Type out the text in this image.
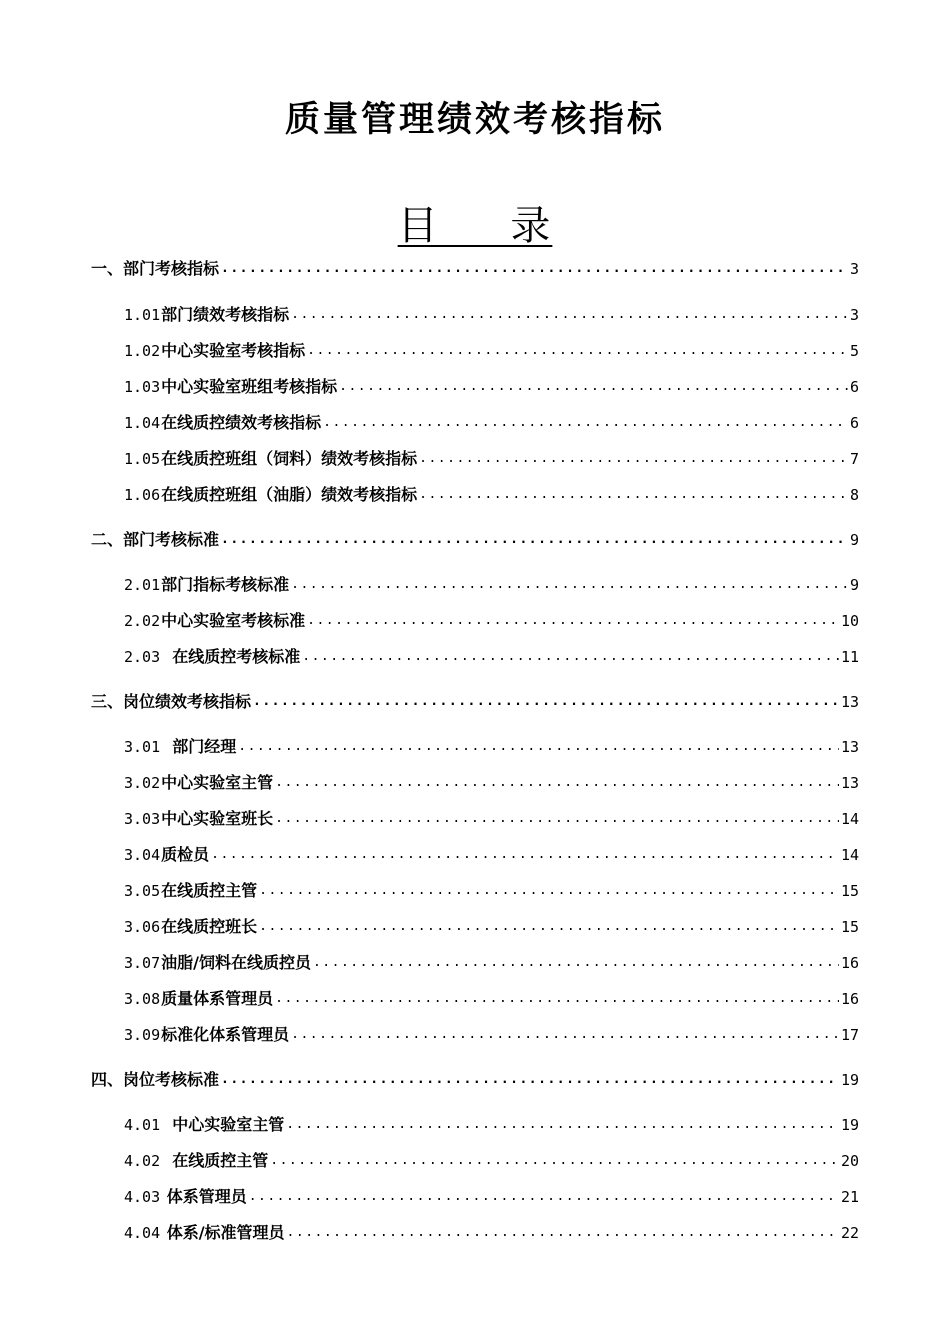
质量管理绩效考核指标
目 录
一、部门考核指标 .....	3
1.01 部门绩效考核指标 .....	3
1.02 中心实验室考核指标 .....	5
1.03 中心实验室班组考核指标 .....	6
1.04 在线质控绩效考核指标 .....	6
1.05 在线质控班组（饲料）绩效考核指标 .....	7
1.06 在线质控班组（油脂）绩效考核指标 .....	8
二、部门考核标准 .....	9
2.01 部门指标考核标准 .....	9
2.02 中心实验室考核标准 .....	10
2.03 在线质控考核标准 .....	11
三、岗位绩效考核指标 .....	13
3.01 部门经理 .....	13
3.02 中心实验室主管 .....	13
3.03 中心实验室班长 .....	14
3.04 质检员 .....	14
3.05 在线质控主管 .....	15
3.06 在线质控班长 .....	15
3.07 油脂/饲料在线质控员 .....	16
3.08 质量体系管理员 .....	16
3.09 标准化体系管理员 .....	17
四、岗位考核标准 .....	19
4.01 中心实验室主管 .....	19
4.02 在线质控主管 .....	20
4.03 体系管理员 .....	21
4.04 体系/标准管理员 .....	22
